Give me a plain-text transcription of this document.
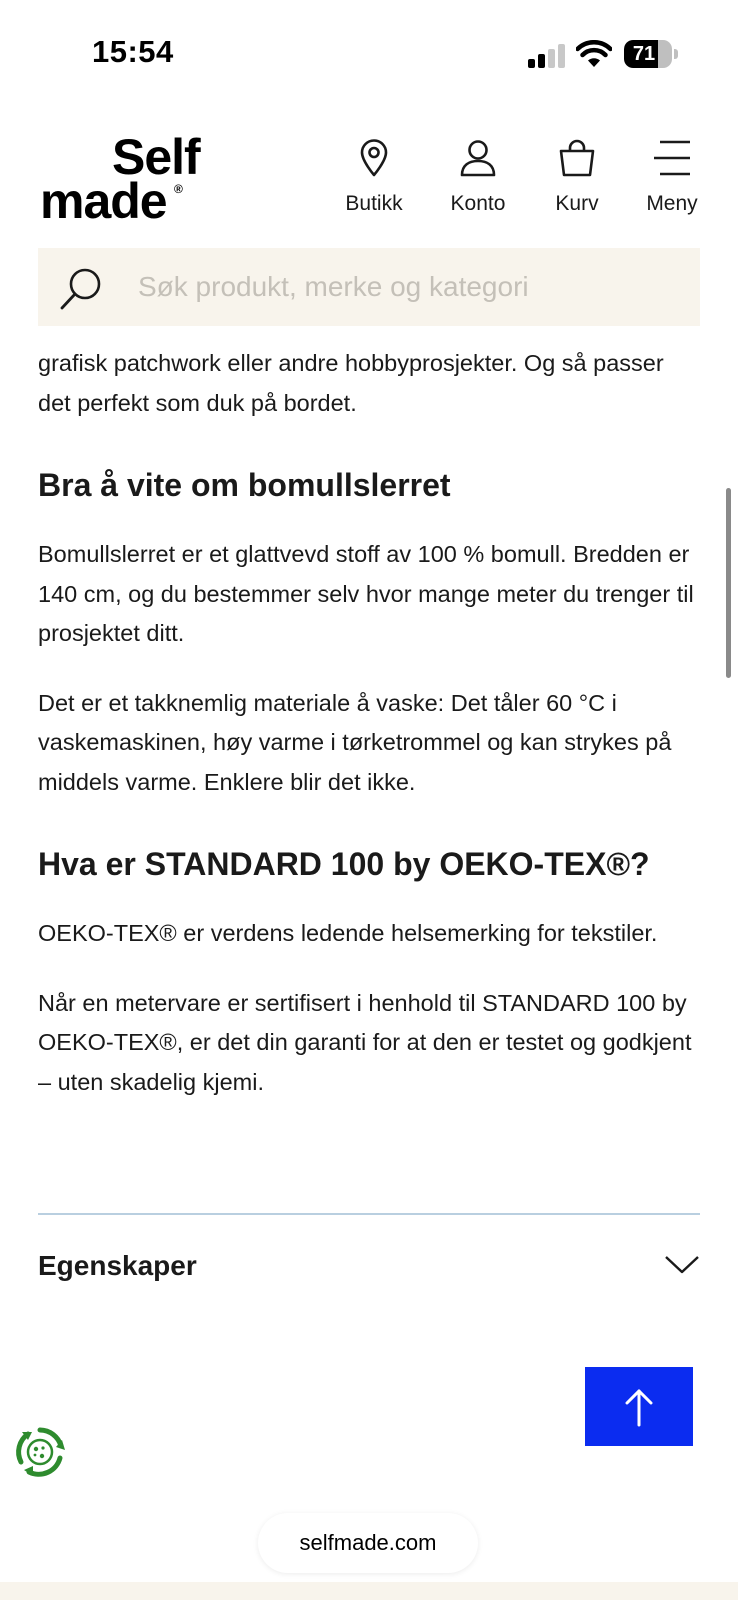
15:54	71
Self
made ®
Butikk	Konto	Kurv	Meny
Søk produkt, merke og kategori

grafisk patchwork eller andre hobbyprosjekter. Og så passer det perfekt som duk på bordet.

Bra å vite om bomullslerret

Bomullslerret er et glattvevd stoff av 100 % bomull. Bredden er 140 cm, og du bestemmer selv hvor mange meter du trenger til prosjektet ditt.

Det er et takknemlig materiale å vaske: Det tåler 60 °C i vaskemaskinen, høy varme i tørketrommel og kan strykes på middels varme. Enklere blir det ikke.

Hva er STANDARD 100 by OEKO-TEX®?

OEKO-TEX® er verdens ledende helsemerking for tekstiler.

Når en metervare er sertifisert i henhold til STANDARD 100 by OEKO-TEX®, er det din garanti for at den er testet og godkjent – uten skadelig kjemi.

Egenskaper
selfmade.com
